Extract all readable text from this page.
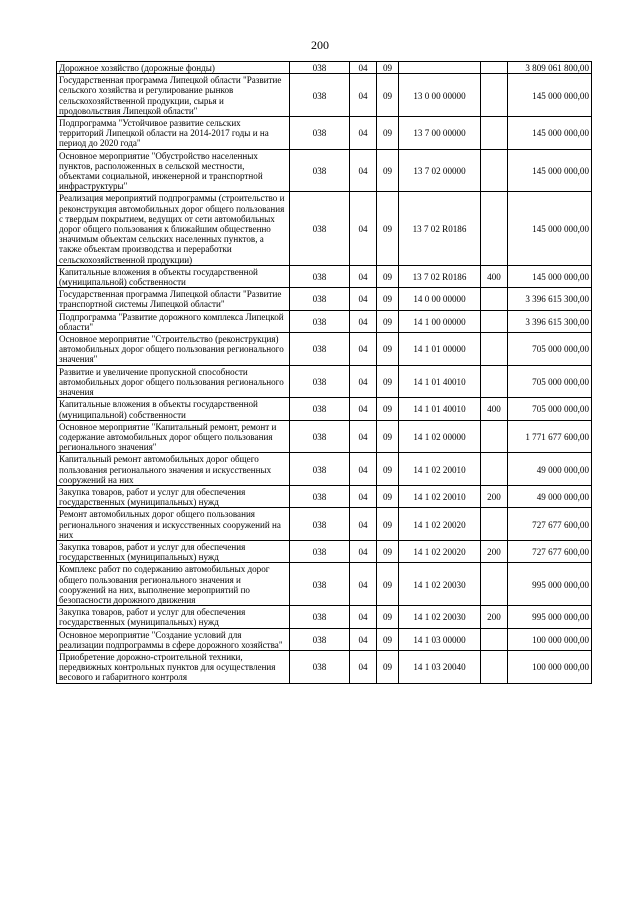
200
Дорожное хозяйство (дорожные фонды)	038	04	09			3 809 061 800,00
Государственная программа Липецкой области "Развитие сельского хозяйства и регулирование рынков сельскохозяйственной продукции, сырья и продовольствия Липецкой области"	038	04	09	13 0 00 00000		145 000 000,00
Подпрограмма "Устойчивое развитие сельских территорий Липецкой области на 2014-2017 годы и на период до 2020 года"	038	04	09	13 7 00 00000		145 000 000,00
Основное мероприятие "Обустройство населенных пунктов, расположенных в сельской местности, объектами социальной, инженерной и транспортной инфраструктуры"	038	04	09	13 7 02 00000		145 000 000,00
Реализация мероприятий подпрограммы (строительство и реконструкция автомобильных дорог общего пользования с твердым покрытием, ведущих от сети автомобильных дорог общего пользования к ближайшим общественно значимым объектам сельских населенных пунктов, а также объектам производства и переработки сельскохозяйственной продукции)	038	04	09	13 7 02 R0186		145 000 000,00
Капитальные вложения в объекты государственной (муниципальной) собственности	038	04	09	13 7 02 R0186	400	145 000 000,00
Государственная программа Липецкой области "Развитие транспортной системы Липецкой области"	038	04	09	14 0 00 00000		3 396 615 300,00
Подпрограмма "Развитие дорожного комплекса Липецкой области"	038	04	09	14 1 00 00000		3 396 615 300,00
Основное мероприятие "Строительство (реконструкция) автомобильных дорог общего пользования регионального значения"	038	04	09	14 1 01 00000		705 000 000,00
Развитие и увеличение пропускной способности автомобильных дорог общего пользования регионального значения	038	04	09	14 1 01 40010		705 000 000,00
Капитальные вложения в объекты государственной (муниципальной) собственности	038	04	09	14 1 01 40010	400	705 000 000,00
Основное мероприятие "Капитальный ремонт, ремонт и содержание автомобильных дорог общего пользования регионального значения"	038	04	09	14 1 02 00000		1 771 677 600,00
Капитальный ремонт автомобильных дорог общего пользования регионального значения и искусственных сооружений на них	038	04	09	14 1 02 20010		49 000 000,00
Закупка товаров, работ и услуг для обеспечения государственных (муниципальных) нужд	038	04	09	14 1 02 20010	200	49 000 000,00
Ремонт автомобильных дорог общего пользования регионального значения и искусственных сооружений на них	038	04	09	14 1 02 20020		727 677 600,00
Закупка товаров, работ и услуг для обеспечения государственных (муниципальных) нужд	038	04	09	14 1 02 20020	200	727 677 600,00
Комплекс работ по содержанию автомобильных дорог общего пользования регионального значения и сооружений на них, выполнение мероприятий по безопасности дорожного движения	038	04	09	14 1 02 20030		995 000 000,00
Закупка товаров, работ и услуг для обеспечения государственных (муниципальных) нужд	038	04	09	14 1 02 20030	200	995 000 000,00
Основное мероприятие "Создание условий для реализации подпрограммы в сфере дорожного хозяйства"	038	04	09	14 1 03 00000		100 000 000,00
Приобретение дорожно-строительной техники, передвижных контрольных пунктов для осуществления весового и габаритного контроля	038	04	09	14 1 03 20040		100 000 000,00
